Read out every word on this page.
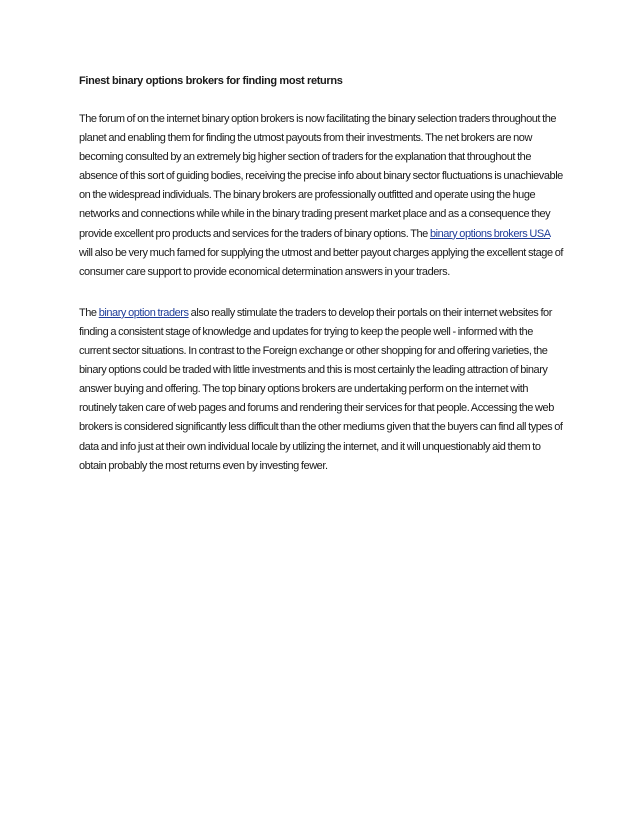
Finest binary options brokers for finding most returns

The forum of on the internet binary option brokers is now facilitating the binary selection traders throughout the planet and enabling them for finding the utmost payouts from their investments. The net brokers are now becoming consulted by an extremely big higher section of traders for the explanation that throughout the absence of this sort of guiding bodies, receiving the precise info about binary sector fluctuations is unachievable on the widespread individuals. The binary brokers are professionally outfitted and operate using the huge networks and connections while while in the binary trading present market place and as a consequence they provide excellent pro products and services for the traders of binary options. The binary options brokers USA will also be very much famed for supplying the utmost and better payout charges applying the excellent stage of consumer care support to provide economical determination answers in your traders.

The binary option traders also really stimulate the traders to develop their portals on their internet websites for finding a consistent stage of knowledge and updates for trying to keep the people well - informed with the current sector situations. In contrast to the Foreign exchange or other shopping for and offering varieties, the binary options could be traded with little investments and this is most certainly the leading attraction of binary answer buying and offering. The top binary options brokers are undertaking perform on the internet with routinely taken care of web pages and forums and rendering their services for that people. Accessing the web brokers is considered significantly less difficult than the other mediums given that the buyers can find all types of data and info just at their own individual locale by utilizing the internet, and it will unquestionably aid them to obtain probably the most returns even by investing fewer.
